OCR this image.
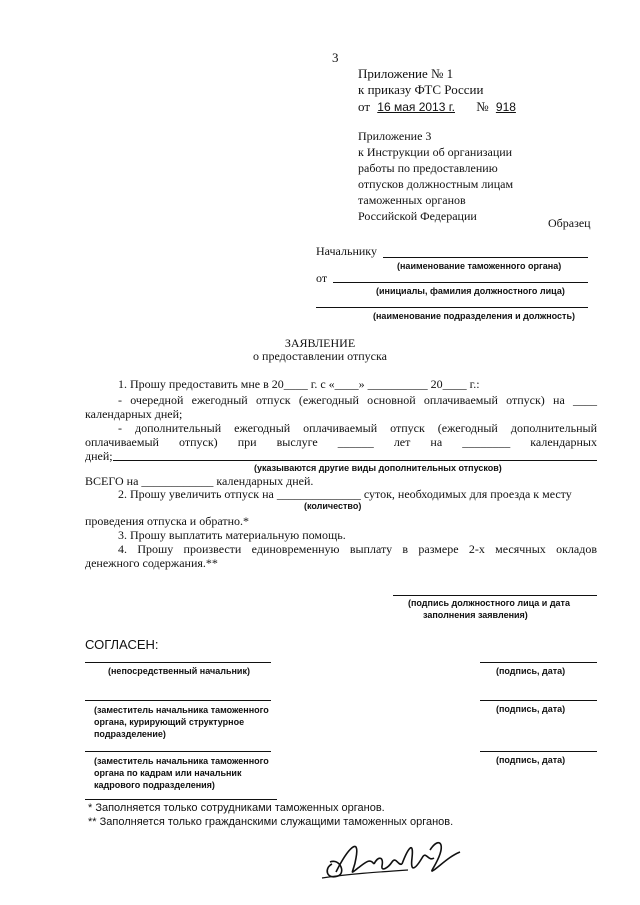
3
Приложение № 1
к приказу ФТС России
от 16 мая 2013 г. № 918
Приложение 3
к Инструкции об организации
работы по предоставлению
отпусков должностным лицам
таможенных органов
Российской Федерации	Образец
Начальнику
(наименование таможенного органа)
от
(инициалы, фамилия должностного лица)
(наименование подразделения и должность)
ЗАЯВЛЕНИЕ
о предоставлении отпуска
1. Прошу предоставить мне в 20____ г. с «____» __________ 20____ г.:
- очередной ежегодный отпуск (ежегодный основной оплачиваемый отпуск) на ____
календарных дней;
- дополнительный ежегодный оплачиваемый отпуск (ежегодный дополнительный
оплачиваемый отпуск) при выслуге ______ лет на ________ календарных
дней;
(указываются другие виды дополнительных отпусков)
ВСЕГО на ____________ календарных дней.
2. Прошу увеличить отпуск на ______________ суток, необходимых для проезда к месту
(количество)
проведения отпуска и обратно.*
3. Прошу выплатить материальную помощь.
4. Прошу произвести единовременную выплату в размере 2-х месячных окладов
денежного содержания.**
(подпись должностного лица и дата
заполнения заявления)
СОГЛАСЕН:
(непосредственный начальник)	(подпись, дата)
(заместитель начальника таможенного
органа, курирующий структурное
подразделение)
(подпись, дата)
(заместитель начальника таможенного
органа по кадрам или начальник
кадрового подразделения)
(подпись, дата)
* Заполняется только сотрудниками таможенных органов.
** Заполняется только гражданскими служащими таможенных органов.
